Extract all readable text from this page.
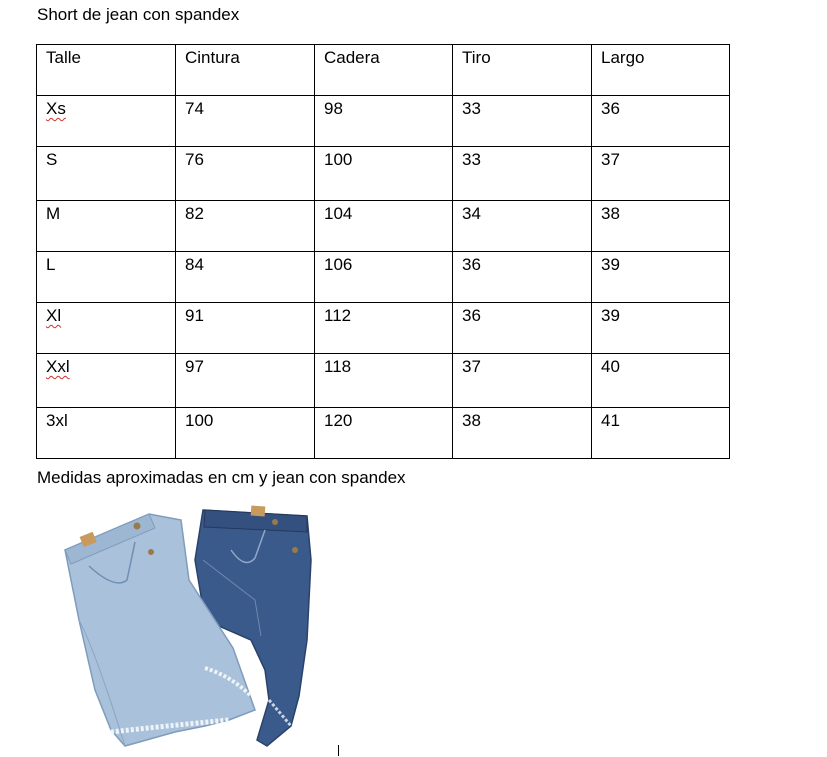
Short de jean con spandex
Talle	Cintura	Cadera	Tiro	Largo
Xs	74	98	33	36
S	76	100	33	37
M	82	104	34	38
L	84	106	36	39
Xl	91	112	36	39
Xxl	97	118	37	40
3xl	100	120	38	41
Medidas aproximadas en cm y jean con spandex
